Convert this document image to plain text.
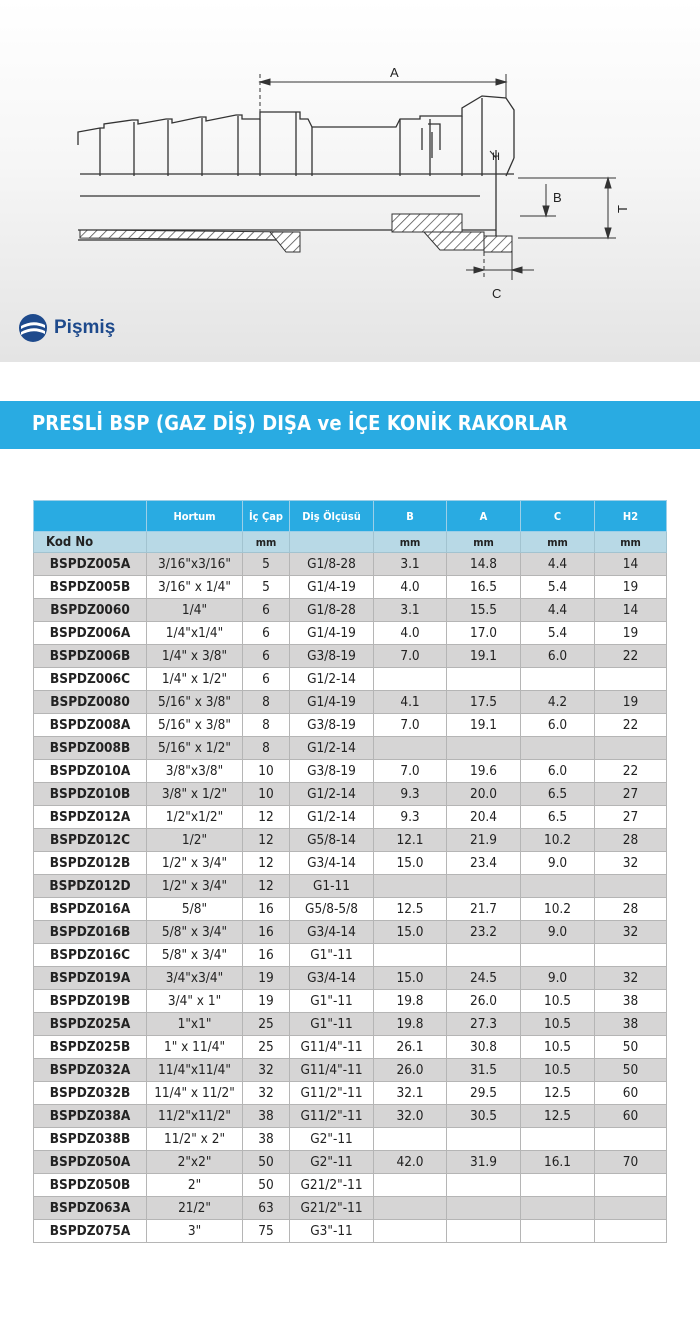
A
B
T
C
H
Pişmiş
PRESLİ BSP (GAZ DİŞ) DIŞA ve İÇE KONİK RAKORLAR
	Hortum	İç Çap	Diş Ölçüsü	B	A	C	H2
Kod No		mm		mm	mm	mm	mm
BSPDZ005A	3/16"x3/16"	5	G1/8-28	3.1	14.8	4.4	14
BSPDZ005B	3/16" x 1/4"	5	G1/4-19	4.0	16.5	5.4	19
BSPDZ0060	1/4"	6	G1/8-28	3.1	15.5	4.4	14
BSPDZ006A	1/4"x1/4"	6	G1/4-19	4.0	17.0	5.4	19
BSPDZ006B	1/4" x 3/8"	6	G3/8-19	7.0	19.1	6.0	22
BSPDZ006C	1/4" x 1/2"	6	G1/2-14				
BSPDZ0080	5/16" x 3/8"	8	G1/4-19	4.1	17.5	4.2	19
BSPDZ008A	5/16" x 3/8"	8	G3/8-19	7.0	19.1	6.0	22
BSPDZ008B	5/16" x 1/2"	8	G1/2-14				
BSPDZ010A	3/8"x3/8"	10	G3/8-19	7.0	19.6	6.0	22
BSPDZ010B	3/8" x 1/2"	10	G1/2-14	9.3	20.0	6.5	27
BSPDZ012A	1/2"x1/2"	12	G1/2-14	9.3	20.4	6.5	27
BSPDZ012C	1/2"	12	G5/8-14	12.1	21.9	10.2	28
BSPDZ012B	1/2" x 3/4"	12	G3/4-14	15.0	23.4	9.0	32
BSPDZ012D	1/2" x 3/4"	12	G1-11				
BSPDZ016A	5/8"	16	G5/8-5/8	12.5	21.7	10.2	28
BSPDZ016B	5/8" x 3/4"	16	G3/4-14	15.0	23.2	9.0	32
BSPDZ016C	5/8" x 3/4"	16	G1"-11				
BSPDZ019A	3/4"x3/4"	19	G3/4-14	15.0	24.5	9.0	32
BSPDZ019B	3/4" x 1"	19	G1"-11	19.8	26.0	10.5	38
BSPDZ025A	1"x1"	25	G1"-11	19.8	27.3	10.5	38
BSPDZ025B	1" x 11/4"	25	G11/4"-11	26.1	30.8	10.5	50
BSPDZ032A	11/4"x11/4"	32	G11/4"-11	26.0	31.5	10.5	50
BSPDZ032B	11/4" x 11/2"	32	G11/2"-11	32.1	29.5	12.5	60
BSPDZ038A	11/2"x11/2"	38	G11/2"-11	32.0	30.5	12.5	60
BSPDZ038B	11/2" x 2"	38	G2"-11				
BSPDZ050A	2"x2"	50	G2"-11	42.0	31.9	16.1	70
BSPDZ050B	2"	50	G21/2"-11				
BSPDZ063A	21/2"	63	G21/2"-11				
BSPDZ075A	3"	75	G3"-11				
